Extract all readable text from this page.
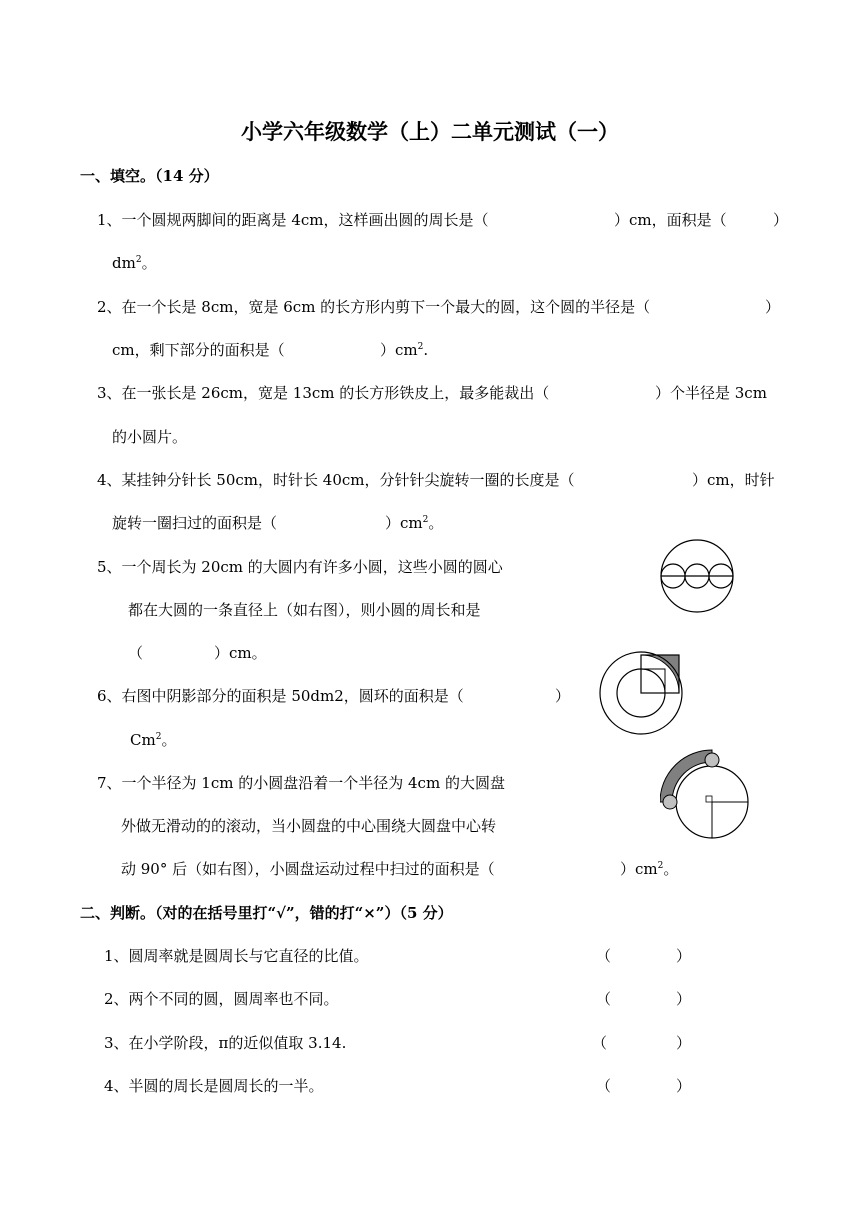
小学六年级数学（上）二单元测试（一）
一、填空。（14 分）
1、一个圆规两脚间的距离是 4cm，这样画出圆的周长是（	）cm，面积是（	）
$dm^2$。
2、在一个长是 8cm，宽是 6cm 的长方形内剪下一个最大的圆，这个圆的半径是（	）
cm，剩下部分的面积是（	）$cm^2$.
3、在一张长是 26cm，宽是 13cm 的长方形铁皮上，最多能裁出（	）个半径是 3cm
的小圆片。
4、某挂钟分针长 50cm，时针长 40cm，分针针尖旋转一圈的长度是（	）cm，时针
旋转一圈扫过的面积是（	）$cm^2$。
5、一个周长为 20cm 的大圆内有许多小圆，这些小圆的圆心
都在大圆的一条直径上（如右图），则小圆的周长和是
（	）cm。
6、右图中阴影部分的面积是 50dm2，圆环的面积是（	）
Cm$^2$。
7、一个半径为 1cm 的小圆盘沿着一个半径为 4cm 的大圆盘
外做无滑动的的滚动，当小圆盘的中心围绕大圆盘中心转
动 90° 后（如右图），小圆盘运动过程中扫过的面积是（	）$cm^2$。
二、判断。（对的在括号里打“√”，错的打“×”）（5 分）
1、圆周率就是圆周长与它直径的比值。	（	）
2、两个不同的圆，圆周率也不同。	（	）
3、在小学阶段，π的近似值取 3.14.	（	）
4、半圆的周长是圆周长的一半。	（	）
